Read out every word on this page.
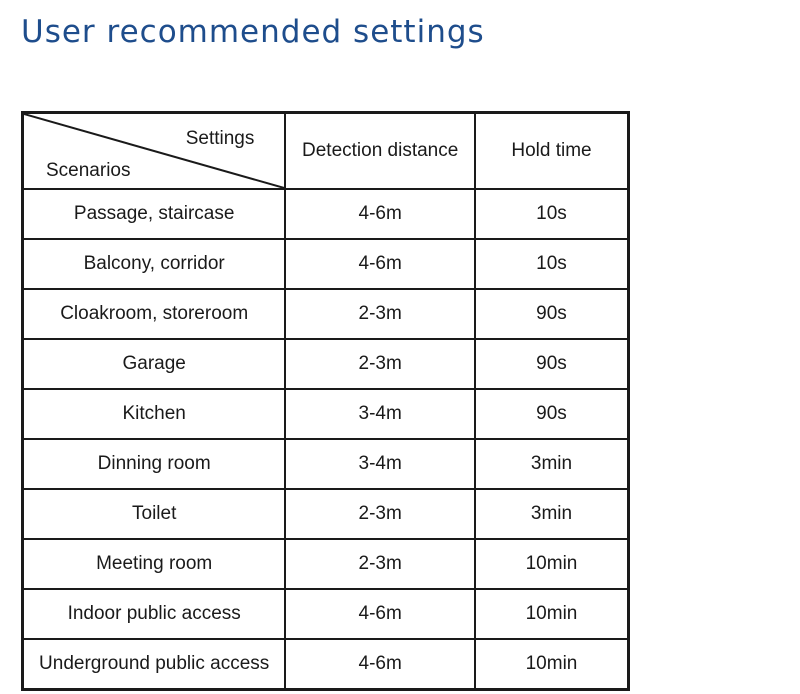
User recommended settings
Settings
Scenarios	Detection distance	Hold time
Passage, staircase	4-6m	10s
Balcony, corridor	4-6m	10s
Cloakroom, storeroom	2-3m	90s
Garage	2-3m	90s
Kitchen	3-4m	90s
Dinning room	3-4m	3min
Toilet	2-3m	3min
Meeting room	2-3m	10min
Indoor public access	4-6m	10min
Underground public access	4-6m	10min
